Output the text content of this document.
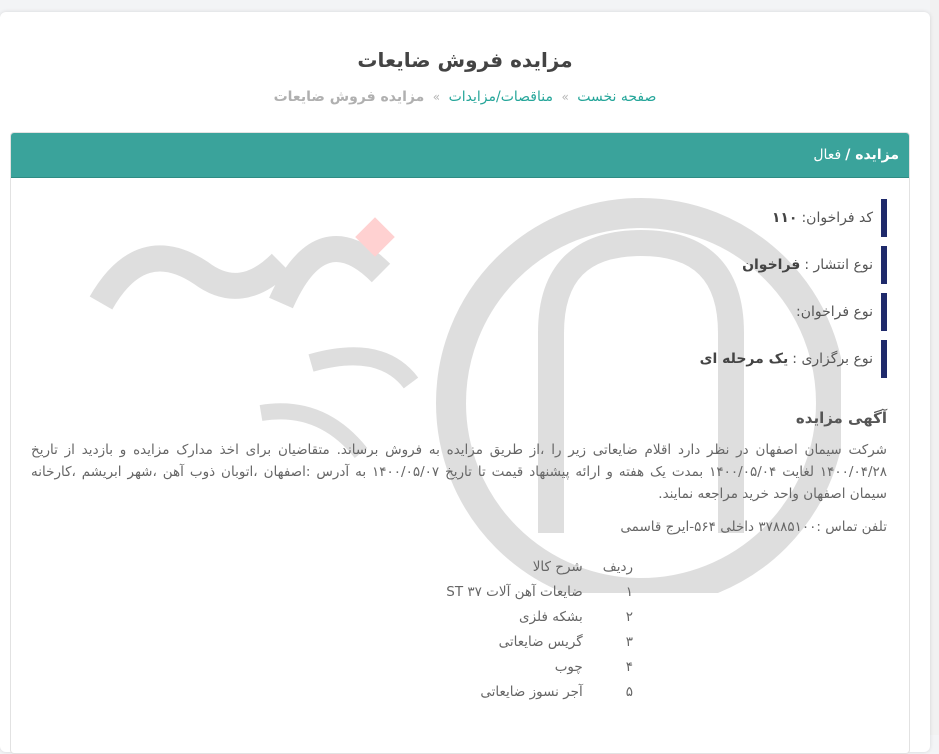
مزایده فروش ضایعات
صفحه نخست » مناقصات/مزایدات » مزایده فروش ضایعات
مزایده /
فعال
کد فراخوان:
۱۱۰
نوع انتشار :
فراخوان
نوع فراخوان:
نوع برگزاری :
یک مرحله ای
آگهی مزایده
شرکت سیمان اصفهان در نظر دارد اقلام ضایعاتی زیر را ،از طریق مزایده به فروش برساند. متقاضیان برای اخذ مدارک مزایده و بازدید از تاریخ ۱۴۰۰/۰۴/۲۸ لغایت ۱۴۰۰/۰۵/۰۴ بمدت یک هفته و ارائه پیشنهاد قیمت تا تاریخ ۱۴۰۰/۰۵/۰۷ به آدرس :اصفهان ،اتوبان ذوب آهن ،شهر ابریشم ،کارخانه سیمان اصفهان واحد خرید مراجعه نمایند.
تلفن تماس :۳۷۸۸۵۱۰۰ داخلی ۵۶۴-ایرج قاسمی
ردیف	شرح کالا
۱	ضایعات آهن آلات ST ۳۷
۲	بشکه فلزی
۳	گریس ضایعاتی
۴	چوب
۵	آجر نسوز ضایعاتی
